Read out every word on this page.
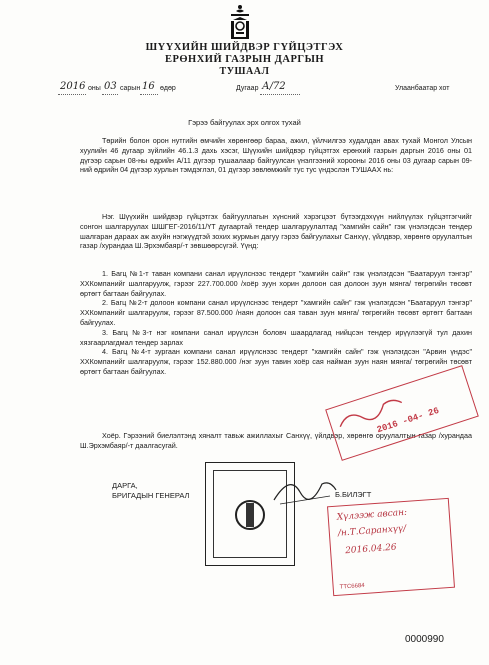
ШҮҮХИЙН ШИЙДВЭР ГҮЙЦЭТГЭХ
ЕРӨНХИЙ ГАЗРЫН ДАРГЫН
ТУШААЛ
2016 оны 03 сарын 16 өдөр	Дугаар А/72	Улаанбаатар хот
Гэрээ байгуулах эрх олгох тухай

Төрийн болон орон нутгийн өмчийн хөрөнгөөр бараа, ажил, үйлчилгээ худалдан авах тухай Монгол Улсын хуулийн 46 дугаар зүйлийн 46.1.3 дахь хэсэг, Шүүхийн шийдвэр гүйцэтгэх ерөнхий газрын даргын 2016 оны 01 дүгээр сарын 08-ны өдрийн А/11 дүгээр тушаалаар байгуулсан үнэлгээний хорооны 2016 оны 03 дугаар сарын 09-ний өдрийн 04 дүгээр хурлын тэмдэглэл, 01 дүгээр зөвлөмжийг тус тус үндэслэн ТУШААХ нь:

Нэг. Шүүхийн шийдвэр гүйцэтгэх байгууллагын хүнсний хэрэгцээт бүтээгдэхүүн нийлүүлэх гүйцэтгэгчийг сонгон шалгаруулах ШШГЕГ-2016/11/ҮТ дугаартай тендер шалгаруулалтад "хамгийн сайн" гэж үнэлэгдсэн тендер шалгаран дараах аж ахуйн нэгжүүдтэй зохих журмын дагуу гэрээ байгуулахыг Санхүү, үйлдвэр, хөрөнгө оруулалтын газар /хурандаа Ш.Эрхэмбаяр/-т зөвшөөрсүгэй. Үүнд:

1. Багц №1-т таван компани санал ирүүлснээс тендерт "хамгийн сайн" гэж үнэлэгдсэн "Баатаруул тэнгэр" ХХКомпанийг шалгаруулж, гэрээг 227.700.000 /хоёр зуун хорин долоон сая долоон зуун мянга/ төгрөгийн төсөвт өртөгт багтаан байгуулах.

2. Багц №2-т долоон компани санал ирүүлснээс тендерт "хамгийн сайн" гэж үнэлэгдсэн "Баатаруул тэнгэр" ХХКомпанийг шалгаруулж, гэрээг 87.500.000 /наян долоон сая таван зуун мянга/ төгрөгийн төсөвт өртөгт багтаан байгуулах.

3. Багц №3-т нэг компани санал ирүүлсэн боловч шаардлагад нийцсэн тендер ирүүлээгүй тул дахин хязгаарлагдмал тендер зарлах

4. Багц №4-т зургаан компани санал ирүүлснээс тендерт "хамгийн сайн" гэж үнэлэгдсэн "Арвин үндэс" ХХКомпанийг шалгаруулж, гэрээг 152.880.000 /нэг зуун тавин хоёр сая найман зуун наян мянга/ төгрөгийн төсөвт өртөгт багтаан байгуулах.

Хоёр. Гэрээний биелэлтэнд хяналт тавьж ажиллахыг Санхүү, үйлдвэр, хөрөнгө оруулалтын газар /хурандаа Ш.Эрхэмбаяр/-т даалгасугай.

ДАРГА,
БРИГАДЫН ГЕНЕРАЛ	Б.БИЛЭГТ
2016 -04- 26
Хүлээж авсан:
/н.Т.Саранхүү/
2016.04.26
ТТС6684
0000990
